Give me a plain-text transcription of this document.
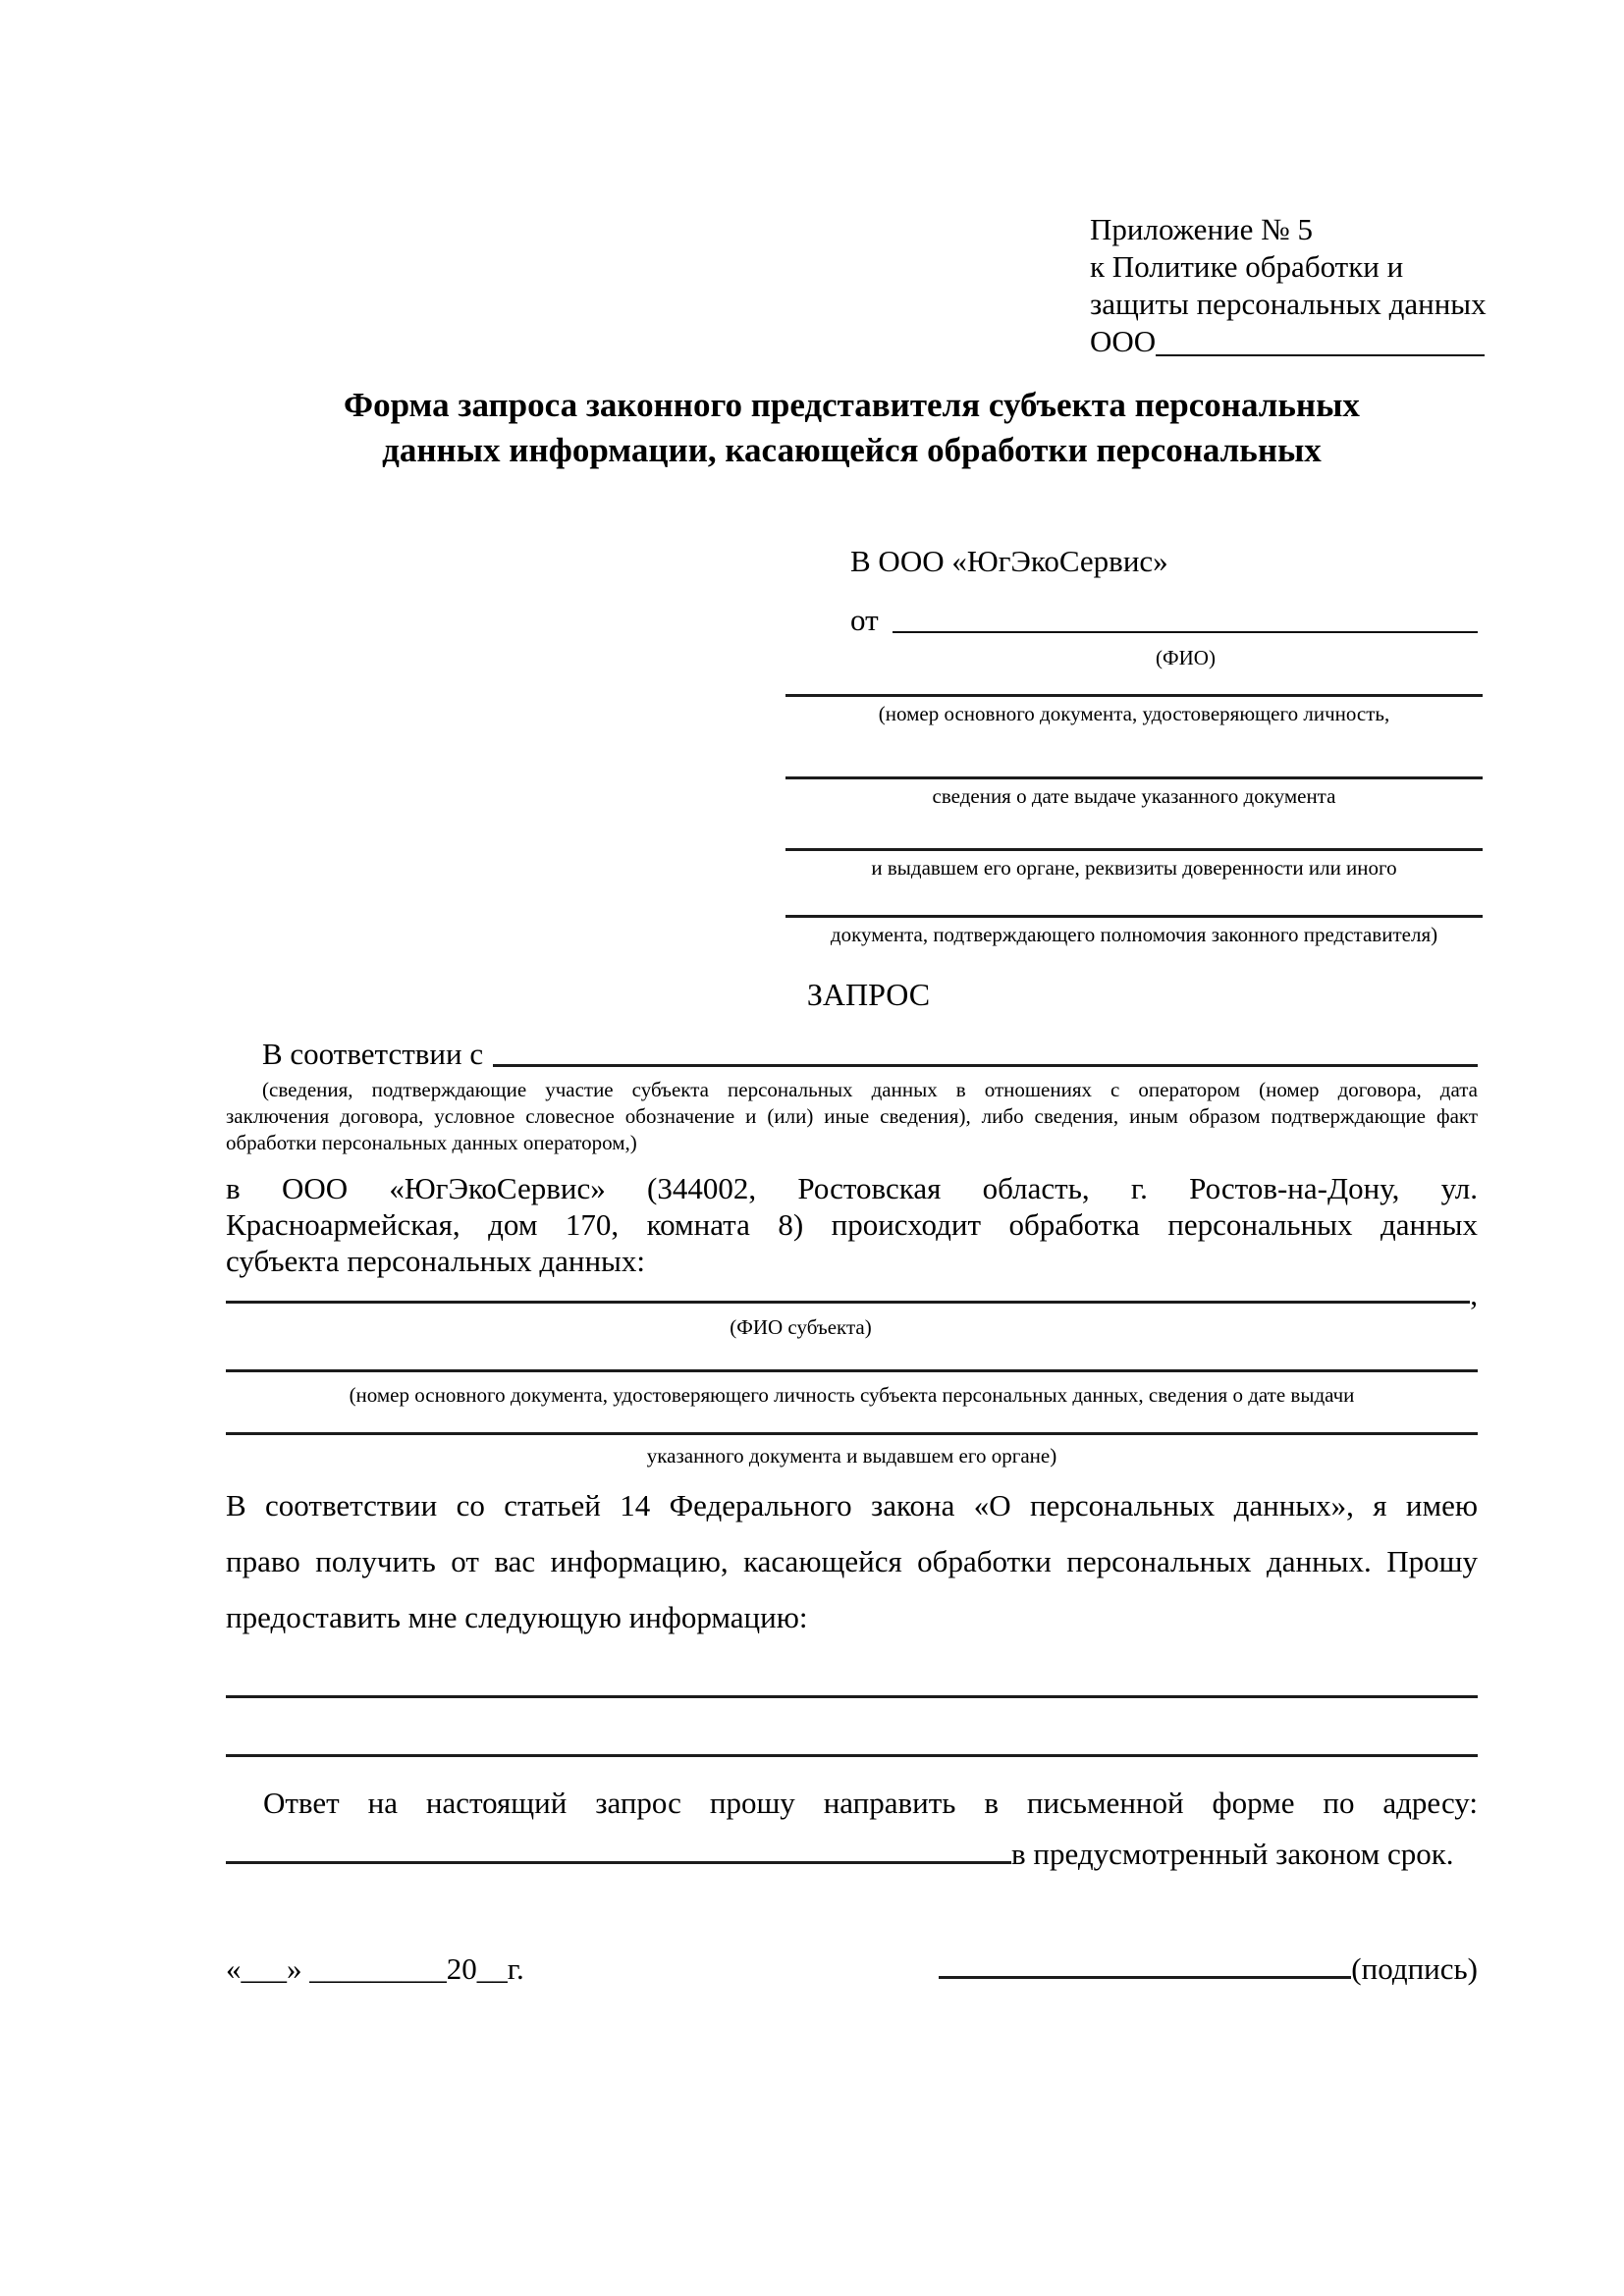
Приложение № 5
к Политике обработки и
защиты персональных данных
ООО
Форма запроса законного представителя субъекта персональных
данных информации, касающейся обработки персональных
В ООО «ЮгЭкоСервис»
от
(ФИО)
(номер основного документа, удостоверяющего личность,
сведения о дате выдаче указанного документа
и выдавшем его органе, реквизиты доверенности или иного
документа, подтверждающего полномочия законного представителя)
ЗАПРОС
В соответствии с
(сведения, подтверждающие участие субъекта персональных данных в отношениях с оператором (номер договора, дата
заключения договора, условное словесное обозначение и (или) иные сведения), либо сведения, иным образом подтверждающие факт
обработки персональных данных оператором,)
в ООО «ЮгЭкоСервис» (344002, Ростовская область, г. Ростов-на-Дону, ул.
Красноармейская, дом 170, комната 8) происходит обработка персональных данных
субъекта персональных данных:
,
(ФИО субъекта)
(номер основного документа, удостоверяющего личность субъекта персональных данных, сведения о дате выдачи
указанного документа и выдавшем его органе)
В соответствии со статьей 14 Федерального закона «О персональных данных», я имею
право получить от вас информацию, касающейся обработки персональных данных. Прошу
предоставить мне следующую информацию:
Ответ на настоящий запрос прошу направить в письменной форме по адресу:
в предусмотренный законом срок.
«___» _________20__г.	(подпись)
